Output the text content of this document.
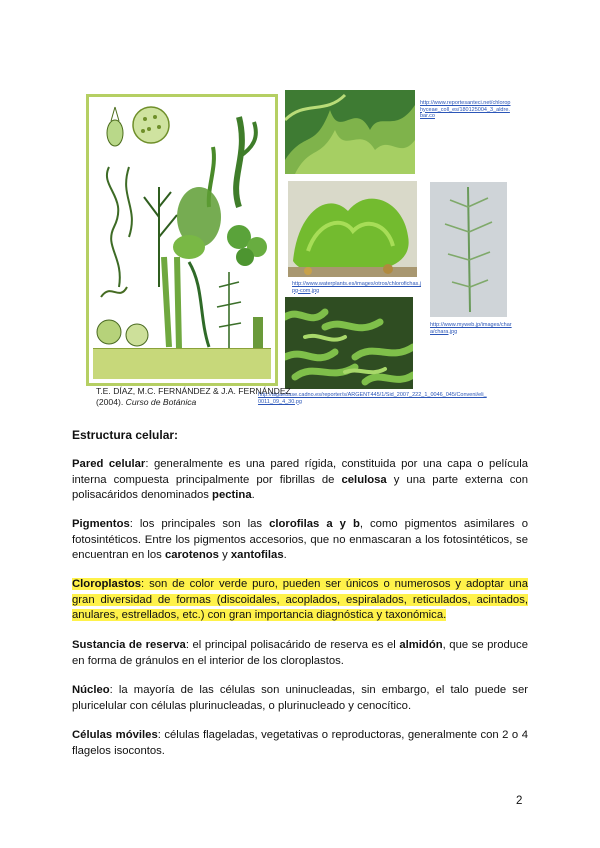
http://www.reportesanteci.net/chlorophyceae_coll_es/180125004_3_aldre.bar.co
http://www.waterplants.es/images/otros/chlorofichas.jpg-com.jpg
http://algaebase.cadno.es/reporter/s/ARGENT445/1/Sid_2007_222_1_0046_045/Conveni/eli_0011_09_4_30.pg
http://www.myweb.jp/images/chara/chara.jpg
T.E. DÍAZ, M.C. FERNÁNDEZ & J.A. FERNÁNDEZ (2004). Curso de Botánica
Estructura celular:
Pared celular: generalmente es una pared rígida, constituida por una capa o película interna compuesta principalmente por fibrillas de celulosa y una parte externa con polisacáridos denominados pectina.
Pigmentos: los principales son las clorofilas a y b, como pigmentos asimilares o fotosintéticos. Entre los pigmentos accesorios, que no enmascaran a los fotosintéticos, se encuentran en los carotenos y xantofilas.
Cloroplastos: son de color verde puro, pueden ser únicos o numerosos y adoptar una gran diversidad de formas (discoidales, acoplados, espiralados, reticulados, acintados, anulares, estrellados, etc.) con gran importancia diagnóstica y taxonómica.
Sustancia de reserva: el principal polisacárido de reserva es el almidón, que se produce en forma de gránulos en el interior de los cloroplastos.
Núcleo: la mayoría de las células son uninucleadas, sin embargo, el talo puede ser pluricelular con células plurinucleadas, o plurinucleado y cenocítico.
Células móviles: células flageladas, vegetativas o reproductoras, generalmente con 2 o 4 flagelos isocontos.
2
